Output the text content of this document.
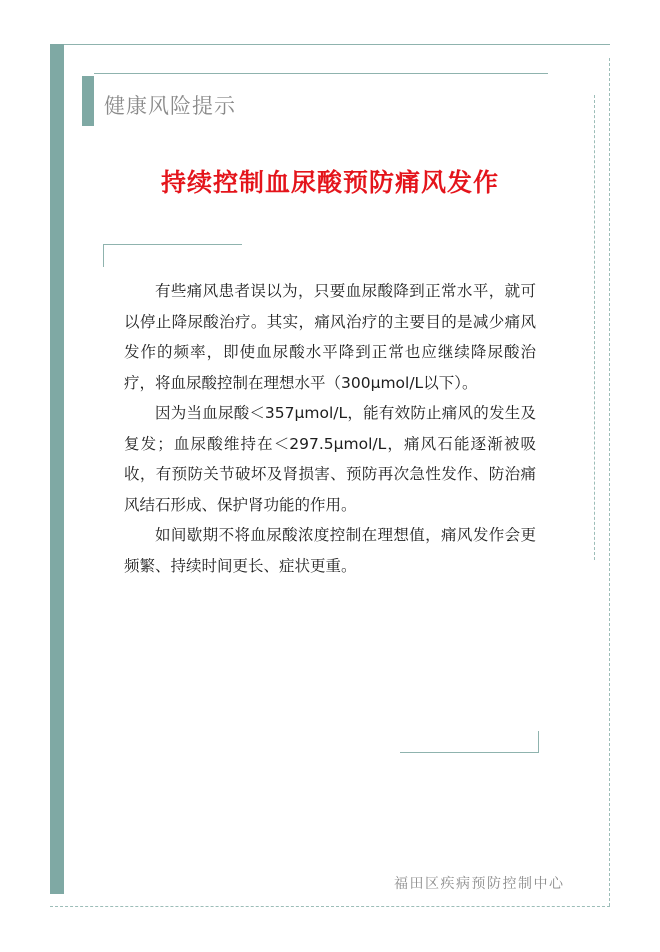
健康风险提示
持续控制血尿酸预防痛风发作

有些痛风患者误以为，只要血尿酸降到正常水平，就可以停止降尿酸治疗。其实，痛风治疗的主要目的是减少痛风发作的频率，即使血尿酸水平降到正常也应继续降尿酸治疗，将血尿酸控制在理想水平（300μmol/L以下）。

因为当血尿酸＜357μmol/L，能有效防止痛风的发生及复发；血尿酸维持在＜297.5μmol/L，痛风石能逐渐被吸收，有预防关节破坏及肾损害、预防再次急性发作、防治痛风结石形成、保护肾功能的作用。

如间歇期不将血尿酸浓度控制在理想值，痛风发作会更频繁、持续时间更长、症状更重。

福田区疾病预防控制中心
